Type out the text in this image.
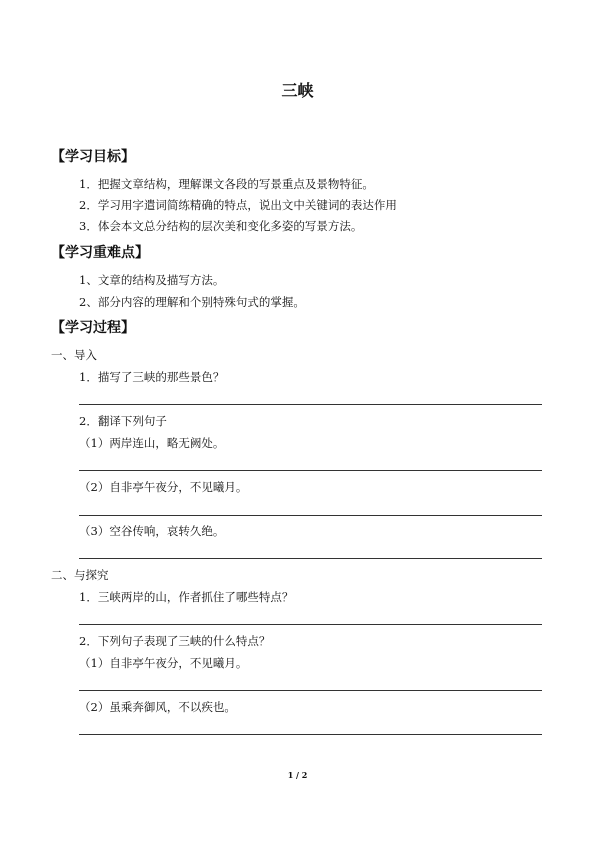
三峡
【学习目标】
1．把握文章结构，理解课文各段的写景重点及景物特征。
2．学习用字遣词简练精确的特点，说出文中关键词的表达作用
3．体会本文总分结构的层次美和变化多姿的写景方法。
【学习重难点】
1、文章的结构及描写方法。
2、部分内容的理解和个别特殊句式的掌握。
【学习过程】
一、导入
1．描写了三峡的那些景色？
2．翻译下列句子
（1）两岸连山，略无阙处。
（2）自非亭午夜分，不见曦月。
（3）空谷传响，哀转久绝。
二、与探究
1．三峡两岸的山，作者抓住了哪些特点？
2．下列句子表现了三峡的什么特点？
（1）自非亭午夜分，不见曦月。
（2）虽乘奔御风，不以疾也。
1 / 2
